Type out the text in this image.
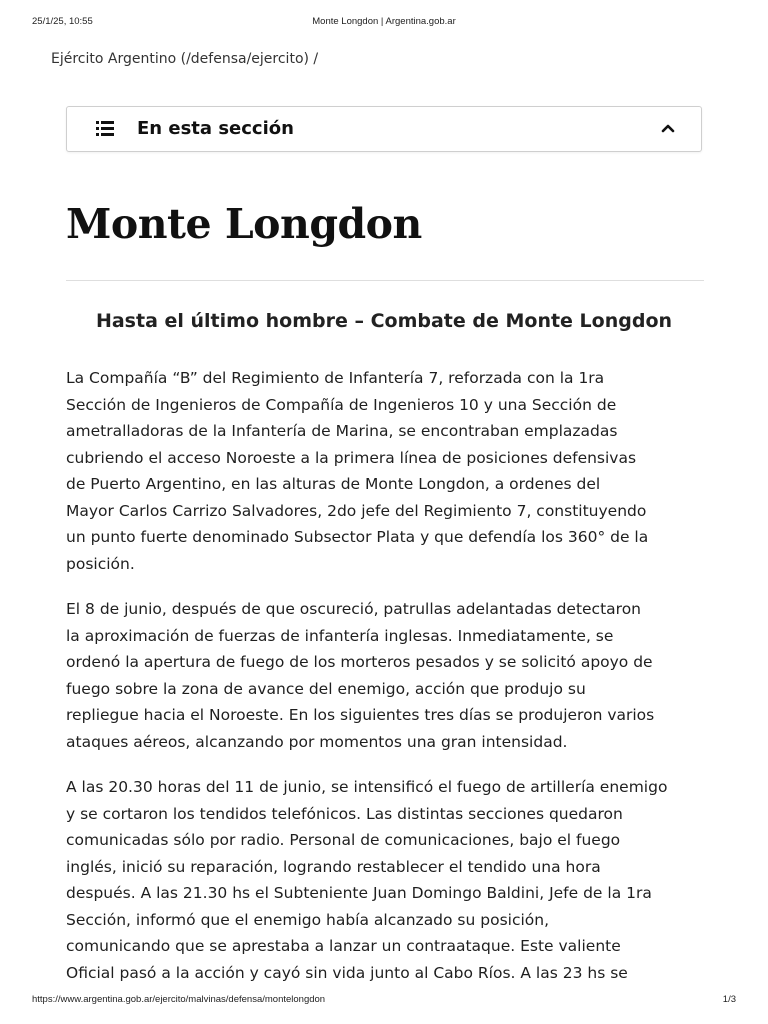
25/1/25, 10:55	Monte Longdon | Argentina.gob.ar
Ejército Argentino (/defensa/ejercito) /
En esta sección
Monte Longdon
Hasta el último hombre – Combate de Monte Longdon
La Compañía “B” del Regimiento de Infantería 7, reforzada con la 1ra
Sección de Ingenieros de Compañía de Ingenieros 10 y una Sección de
ametralladoras de la Infantería de Marina, se encontraban emplazadas
cubriendo el acceso Noroeste a la primera línea de posiciones defensivas
de Puerto Argentino, en las alturas de Monte Longdon, a ordenes del
Mayor Carlos Carrizo Salvadores, 2do jefe del Regimiento 7, constituyendo
un punto fuerte denominado Subsector Plata y que defendía los 360° de la
posición.
El 8 de junio, después de que oscureció, patrullas adelantadas detectaron
la aproximación de fuerzas de infantería inglesas. Inmediatamente, se
ordenó la apertura de fuego de los morteros pesados y se solicitó apoyo de
fuego sobre la zona de avance del enemigo, acción que produjo su
repliegue hacia el Noroeste. En los siguientes tres días se produjeron varios
ataques aéreos, alcanzando por momentos una gran intensidad.
A las 20.30 horas del 11 de junio, se intensificó el fuego de artillería enemigo
y se cortaron los tendidos telefónicos. Las distintas secciones quedaron
comunicadas sólo por radio. Personal de comunicaciones, bajo el fuego
inglés, inició su reparación, logrando restablecer el tendido una hora
después. A las 21.30 hs el Subteniente Juan Domingo Baldini, Jefe de la 1ra
Sección, informó que el enemigo había alcanzado su posición,
comunicando que se aprestaba a lanzar un contraataque. Este valiente
Oficial pasó a la acción y cayó sin vida junto al Cabo Ríos. A las 23 hs se
https://www.argentina.gob.ar/ejercito/malvinas/defensa/montelongdon	1/3
